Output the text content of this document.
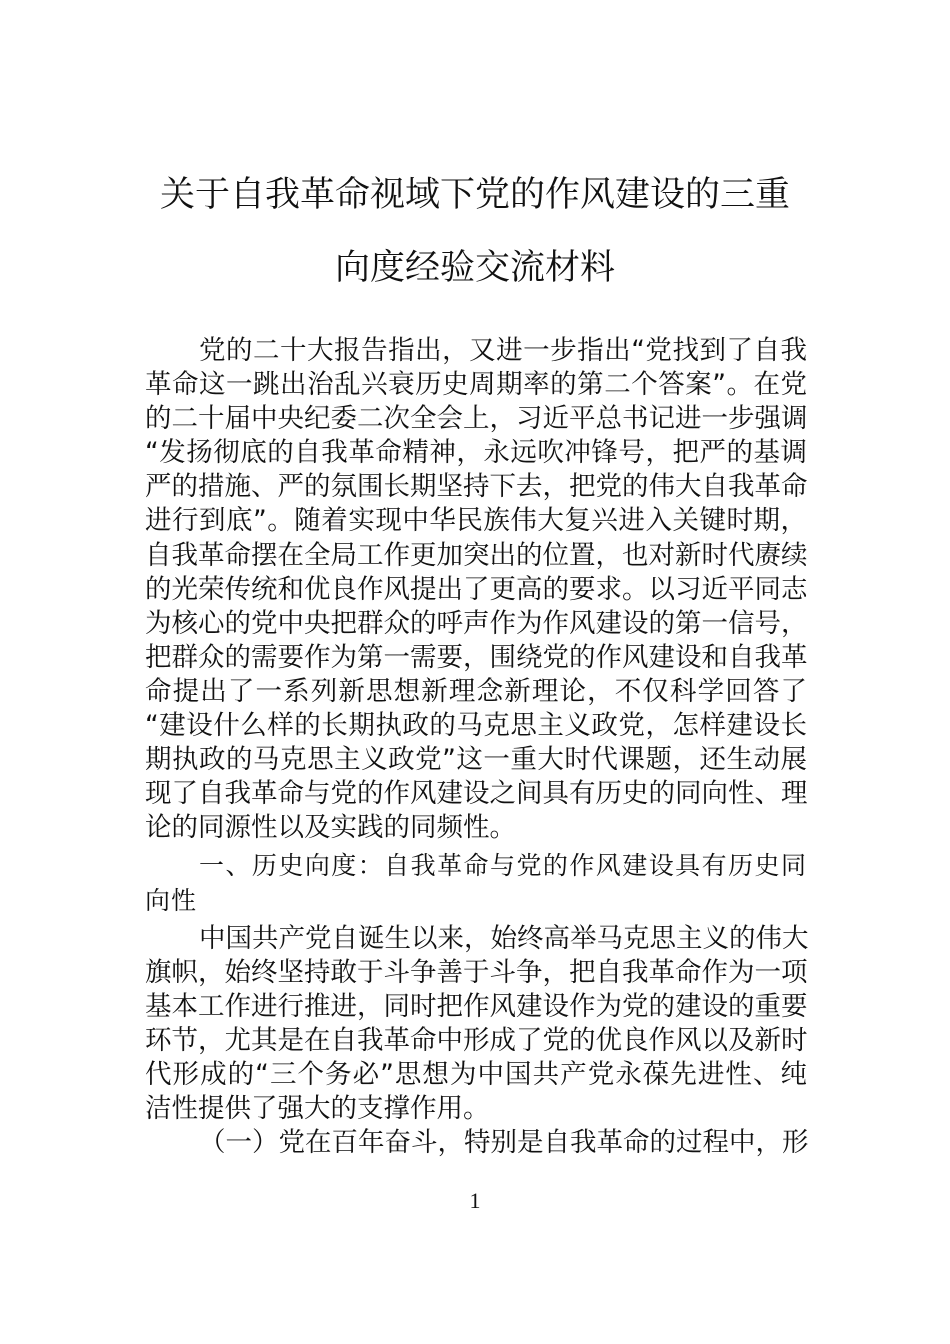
关于自我革命视域下党的作风建设的三重
向度经验交流材料
党的二十大报告指出，又进一步指出“党找到了自我
革命这一跳出治乱兴衰历史周期率的第二个答案”。在党
的二十届中央纪委二次全会上，习近平总书记进一步强调
“发扬彻底的自我革命精神，永远吹冲锋号，把严的基调
严的措施、严的氛围长期坚持下去，把党的伟大自我革命
进行到底”。随着实现中华民族伟大复兴进入关键时期，
自我革命摆在全局工作更加突出的位置，也对新时代赓续
的光荣传统和优良作风提出了更高的要求。以习近平同志
为核心的党中央把群众的呼声作为作风建设的第一信号，
把群众的需要作为第一需要，围绕党的作风建设和自我革
命提出了一系列新思想新理念新理论，不仅科学回答了
“建设什么样的长期执政的马克思主义政党，怎样建设长
期执政的马克思主义政党”这一重大时代课题，还生动展
现了自我革命与党的作风建设之间具有历史的同向性、理
论的同源性以及实践的同频性。
一、历史向度：自我革命与党的作风建设具有历史同
向性
中国共产党自诞生以来，始终高举马克思主义的伟大
旗帜，始终坚持敢于斗争善于斗争，把自我革命作为一项
基本工作进行推进，同时把作风建设作为党的建设的重要
环节，尤其是在自我革命中形成了党的优良作风以及新时
代形成的“三个务必”思想为中国共产党永葆先进性、纯
洁性提供了强大的支撑作用。
（一）党在百年奋斗，特别是自我革命的过程中，形
1
